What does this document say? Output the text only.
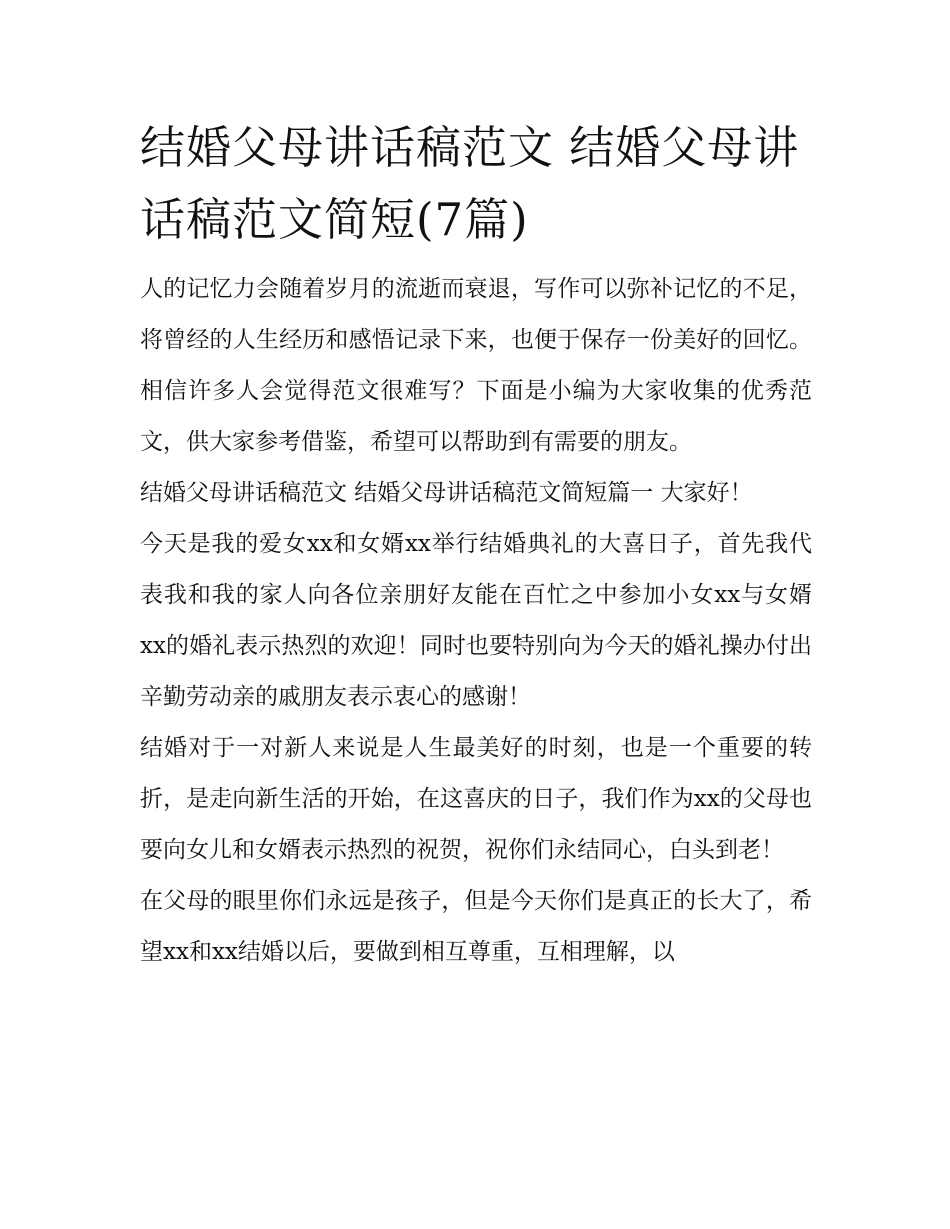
结婚父母讲话稿范文 结婚父母讲话稿范文简短(7篇)

人的记忆力会随着岁月的流逝而衰退，写作可以弥补记忆的不足，将曾经的人生经历和感悟记录下来，也便于保存一份美好的回忆。相信许多人会觉得范文很难写？下面是小编为大家收集的优秀范文，供大家参考借鉴，希望可以帮助到有需要的朋友。

结婚父母讲话稿范文 结婚父母讲话稿范文简短篇一 大家好！

今天是我的爱女xx和女婿xx举行结婚典礼的大喜日子，首先我代表我和我的家人向各位亲朋好友能在百忙之中参加小女xx与女婿xx的婚礼表示热烈的欢迎！同时也要特别向为今天的婚礼操办付出辛勤劳动亲的戚朋友表示衷心的感谢！

结婚对于一对新人来说是人生最美好的时刻，也是一个重要的转折，是走向新生活的开始，在这喜庆的日子，我们作为xx的父母也要向女儿和女婿表示热烈的祝贺，祝你们永结同心，白头到老！

在父母的眼里你们永远是孩子，但是今天你们是真正的长大了，希望xx和xx结婚以后，要做到相互尊重，互相理解，以
